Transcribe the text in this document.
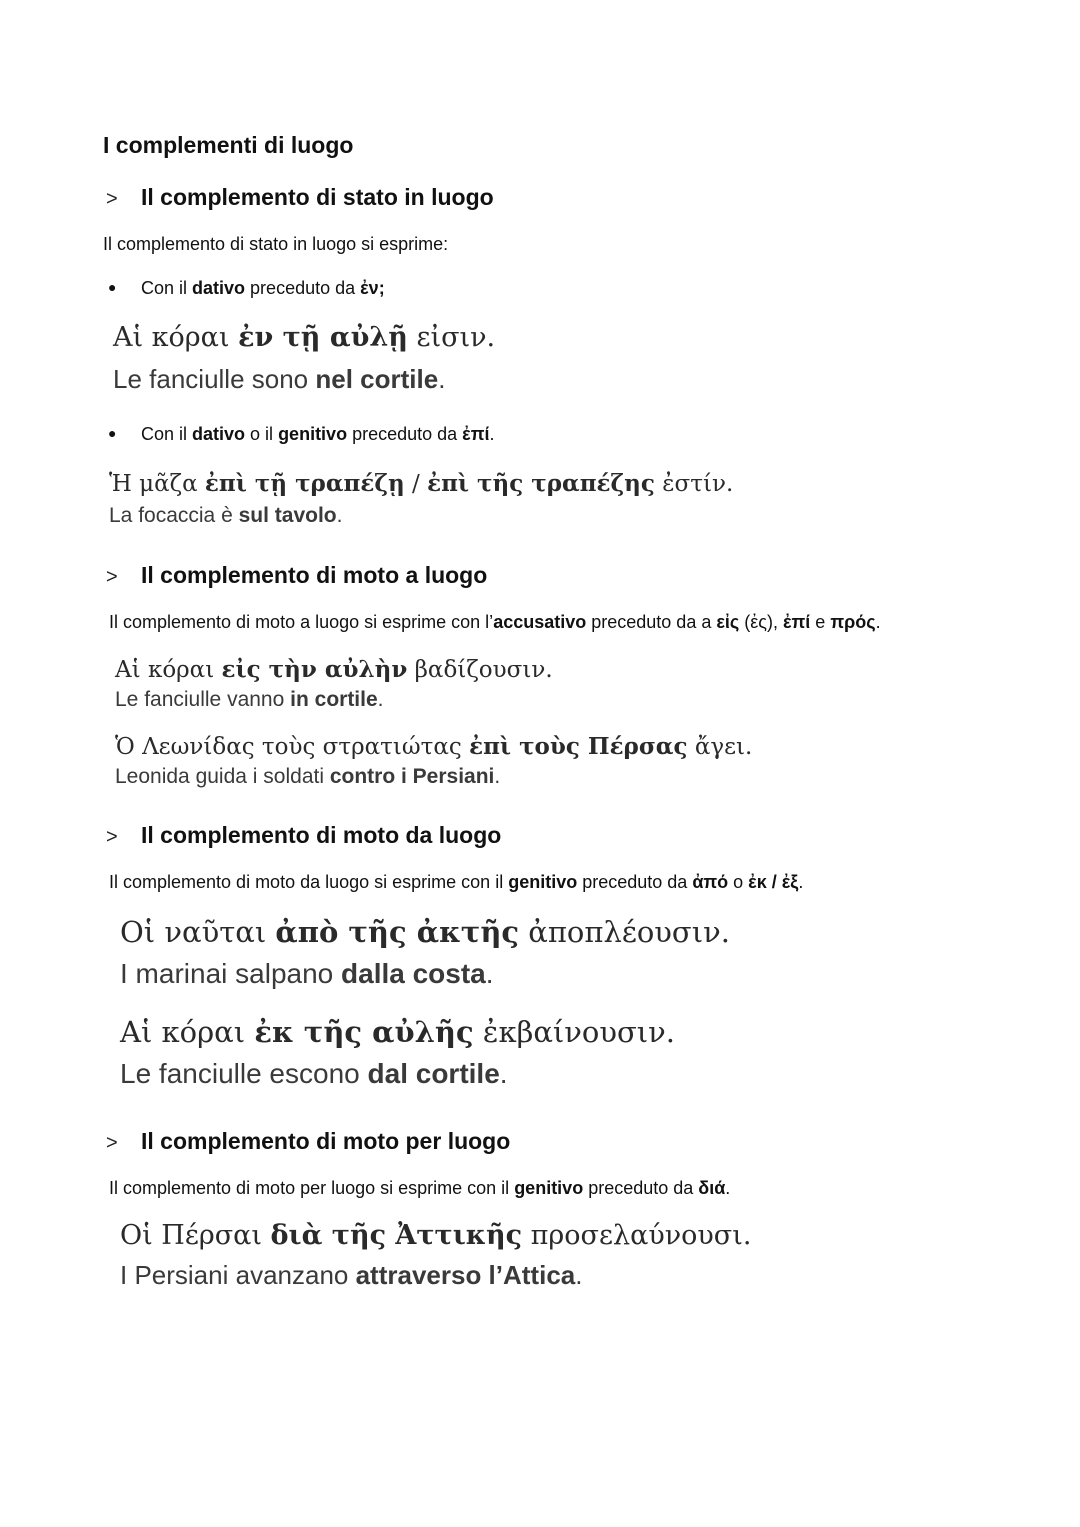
I complementi di luogo
> Il complemento di stato in luogo
Il complemento di stato in luogo si esprime:
● Con il dativo preceduto da ἐν;
Αἱ κόραι ἐν τῇ αὐλῇ εἰσιν.
Le fanciulle sono nel cortile.
● Con il dativo o il genitivo preceduto da ἐπί.
Ἡ μᾶζα ἐπὶ τῇ τραπέζῃ / ἐπὶ τῆς τραπέζης ἐστίν.
La focaccia è sul tavolo.
> Il complemento di moto a luogo
Il complemento di moto a luogo si esprime con l’accusativo preceduto da a εἰς (ἐς), ἐπί e πρός.
Αἱ κόραι εἰς τὴν αὐλὴν βαδίζουσιν.
Le fanciulle vanno in cortile.
Ὁ Λεωνίδας τοὺς στρατιώτας ἐπὶ τοὺς Πέρσας ἄγει.
Leonida guida i soldati contro i Persiani.
> Il complemento di moto da luogo
Il complemento di moto da luogo si esprime con il genitivo preceduto da ἀπό o ἐκ / ἐξ.
Οἱ ναῦται ἀπὸ τῆς ἀκτῆς ἀποπλέουσιν.
I marinai salpano dalla costa.
Αἱ κόραι ἐκ τῆς αὐλῆς ἐκβαίνουσιν.
Le fanciulle escono dal cortile.
> Il complemento di moto per luogo
Il complemento di moto per luogo si esprime con il genitivo preceduto da διά.
Οἱ Πέρσαι διὰ τῆς Ἀττικῆς προσελαύνουσι.
I Persiani avanzano attraverso l’Attica.
